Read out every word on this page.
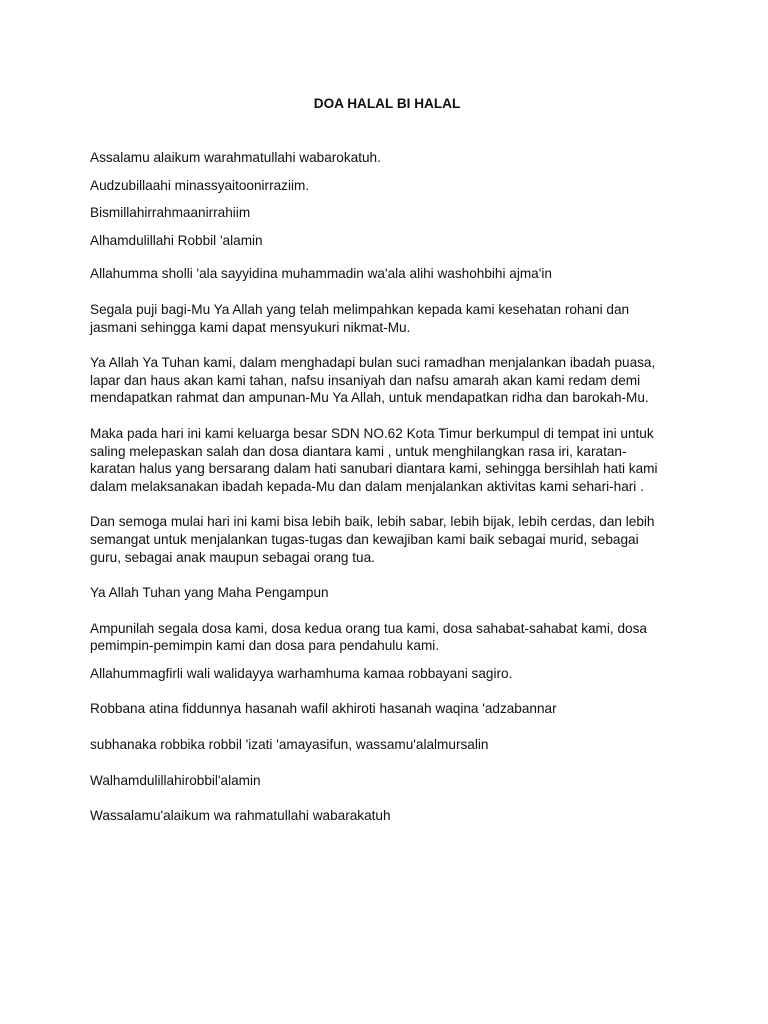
DOA HALAL BI HALAL

Assalamu alaikum warahmatullahi wabarokatuh.

Audzubillaahi minassyaitoonirraziim.

Bismillahirrahmaanirrahiim

Alhamdulillahi Robbil 'alamin

Allahumma sholli 'ala sayyidina muhammadin wa'ala alihi washohbihi ajma'in

Segala puji bagi-Mu Ya Allah yang telah melimpahkan kepada kami kesehatan rohani dan
jasmani sehingga kami dapat mensyukuri nikmat-Mu.

Ya Allah Ya Tuhan kami, dalam menghadapi bulan suci ramadhan menjalankan ibadah puasa,
lapar dan haus akan kami tahan, nafsu insaniyah dan nafsu amarah akan kami redam demi
mendapatkan rahmat dan ampunan-Mu Ya Allah, untuk mendapatkan ridha dan barokah-Mu.

Maka pada hari ini kami keluarga besar SDN NO.62 Kota Timur berkumpul di tempat ini untuk
saling melepaskan salah dan dosa diantara kami , untuk menghilangkan rasa iri, karatan-
karatan halus yang bersarang dalam hati sanubari diantara kami, sehingga bersihlah hati kami
dalam melaksanakan ibadah kepada-Mu dan dalam menjalankan aktivitas kami sehari-hari .

Dan semoga mulai hari ini kami bisa lebih baik, lebih sabar, lebih bijak, lebih cerdas, dan lebih
semangat untuk menjalankan tugas-tugas dan kewajiban kami baik sebagai murid, sebagai
guru, sebagai anak maupun sebagai orang tua.

Ya Allah Tuhan yang Maha Pengampun

Ampunilah segala dosa kami, dosa kedua orang tua kami, dosa sahabat-sahabat kami, dosa
pemimpin-pemimpin kami dan dosa para pendahulu kami.

Allahummagfirli wali walidayya warhamhuma kamaa robbayani sagiro.

Robbana atina fiddunnya hasanah wafil akhiroti hasanah waqina 'adzabannar

subhanaka robbika robbil 'izati 'amayasifun, wassamu'alalmursalin

Walhamdulillahirobbil'alamin

Wassalamu'alaikum wa rahmatullahi wabarakatuh
